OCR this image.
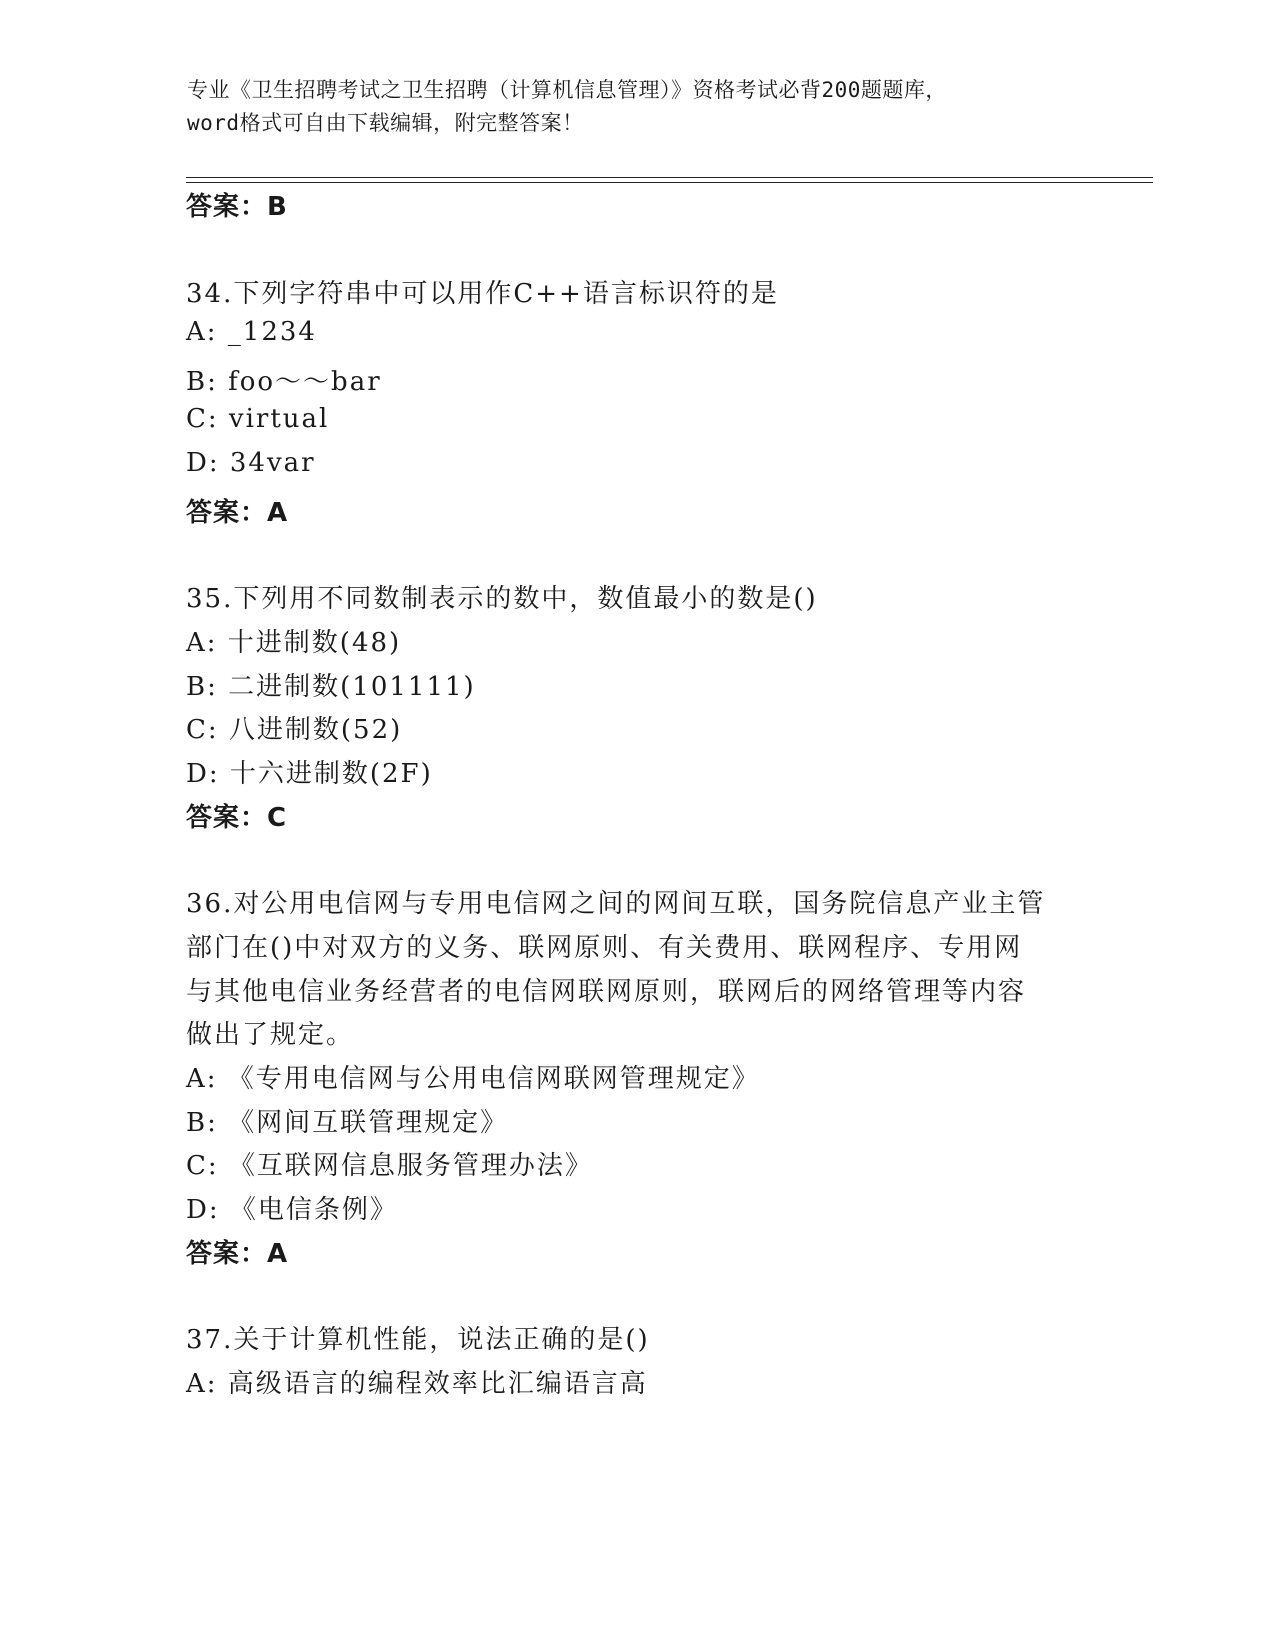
专业《卫生招聘考试之卫生招聘（计算机信息管理）》资格考试必背200题题库，
word格式可自由下载编辑，附完整答案！
答案：B
34.下列字符串中可以用作C++语言标识符的是
A: _1234
B: foo～～bar
C: virtual
D: 34var
答案：A
35.下列用不同数制表示的数中，数值最小的数是()
A: 十进制数(48)
B: 二进制数(101111)
C: 八进制数(52)
D: 十六进制数(2F)
答案：C
36.对公用电信网与专用电信网之间的网间互联，国务院信息产业主管
部门在()中对双方的义务、联网原则、有关费用、联网程序、专用网
与其他电信业务经营者的电信网联网原则，联网后的网络管理等内容
做出了规定。
A: 《专用电信网与公用电信网联网管理规定》
B: 《网间互联管理规定》
C: 《互联网信息服务管理办法》
D: 《电信条例》
答案：A
37.关于计算机性能，说法正确的是()
A: 高级语言的编程效率比汇编语言高
